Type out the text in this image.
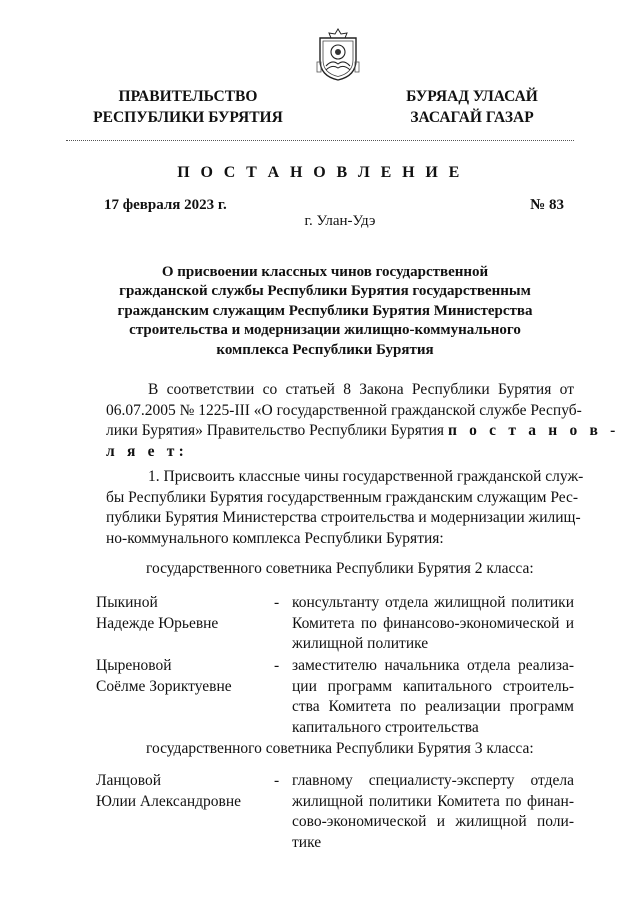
ПРАВИТЕЛЬСТВО
РЕСПУБЛИКИ БУРЯТИЯ
БУРЯАД УЛАСАЙ
ЗАСАГАЙ ГАЗАР
П О С Т А Н О В Л Е Н И Е
17 февраля 2023 г.	№ 83
г. Улан-Удэ
О присвоении классных чинов государственной
гражданской службы Республики Бурятия государственным
гражданским служащим Республики Бурятия Министерства
строительства и модернизации жилищно-коммунального
комплекса Республики Бурятия
В соответствии со статьей 8 Закона Республики Бурятия от
06.07.2005 № 1225-III «О государственной гражданской службе Респуб-
лики Бурятия» Правительство Республики Бурятия п о с т а н о в -
л я е т:
1. Присвоить классные чины государственной гражданской служ-
бы Республики Бурятия государственным гражданским служащим Рес-
публики Бурятия Министерства строительства и модернизации жилищ-
но-коммунального комплекса Республики Бурятия:
государственного советника Республики Бурятия 2 класса:
Пыкиной
Надежде Юрьевне
- консультанту отдела жилищной политики
Комитета по финансово-экономической и
жилищной политике
Цыреновой
Соёлме Зориктуевне
- заместителю начальника отдела реализа-
ции программ капитального строитель-
ства Комитета по реализации программ
капитального строительства
государственного советника Республики Бурятия 3 класса:
Ланцовой
Юлии Александровне
- главному специалисту-эксперту отдела
жилищной политики Комитета по финан-
сово-экономической и жилищной поли-
тике
